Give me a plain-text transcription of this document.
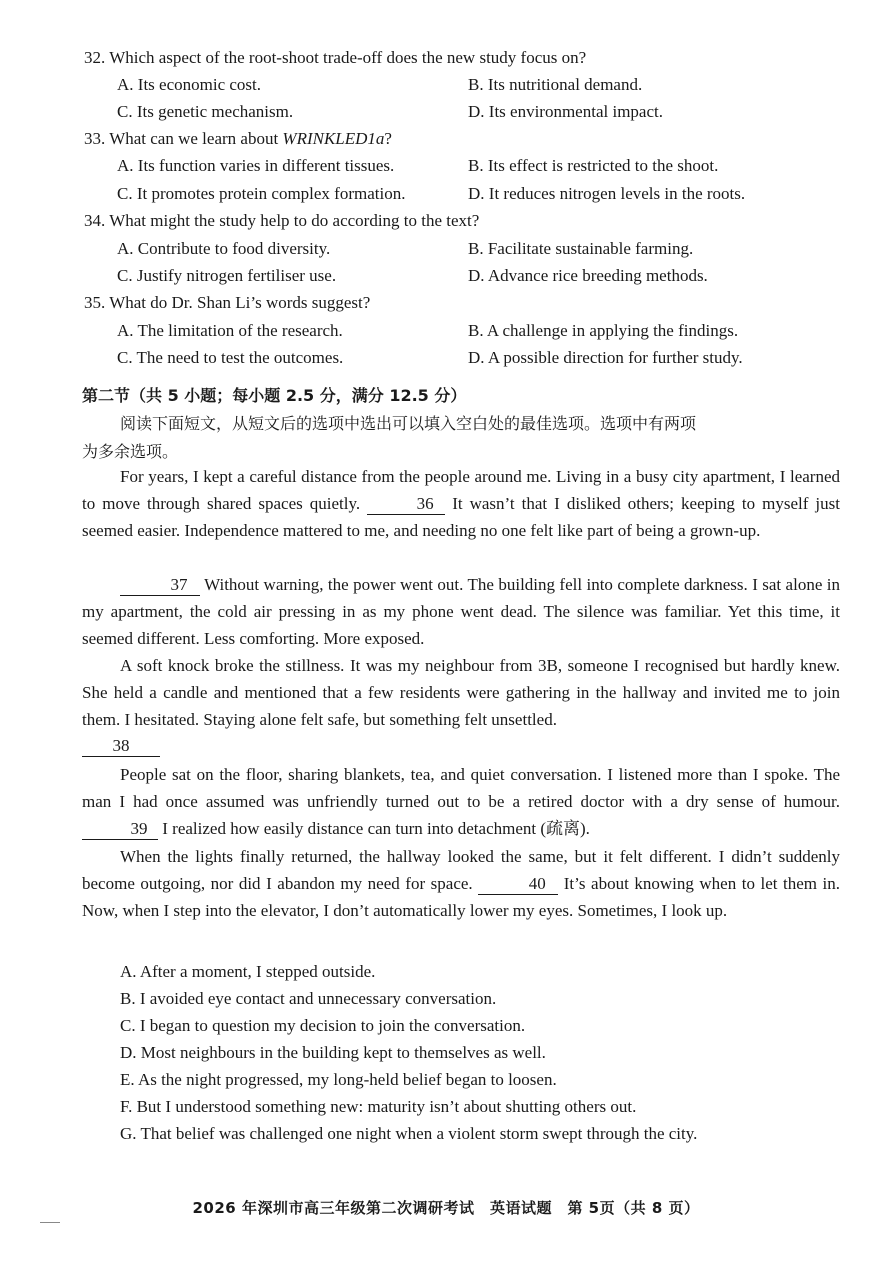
32. Which aspect of the root-shoot trade-off does the new study focus on?
A. Its economic cost.	B. Its nutritional demand.
C. Its genetic mechanism.	D. Its environmental impact.
33. What can we learn about WRINKLED1a?
A. Its function varies in different tissues.	B. Its effect is restricted to the shoot.
C. It promotes protein complex formation.	D. It reduces nitrogen levels in the roots.
34. What might the study help to do according to the text?
A. Contribute to food diversity.	B. Facilitate sustainable farming.
C. Justify nitrogen fertiliser use.	D. Advance rice breeding methods.
35. What do Dr. Shan Li’s words suggest?
A. The limitation of the research.	B. A challenge in applying the findings.
C. The need to test the outcomes.	D. A possible direction for further study.
第二节（共 5 小题；每小题 2.5 分，满分 12.5 分）
阅读下面短文，从短文后的选项中选出可以填入空白处的最佳选项。选项中有两项
为多余选项。
For years, I kept a careful distance from the people around me. Living in a busy city apartment, I learned to move through shared spaces quietly.	36 It wasn’t that I disliked others; keeping to myself just seemed easier. Independence mattered to me, and needing no one felt like part of being a grown-up.
37 Without warning, the power went out. The building fell into complete darkness. I sat alone in my apartment, the cold air pressing in as my phone went dead. The silence was familiar. Yet this time, it seemed different. Less comforting. More exposed.
A soft knock broke the stillness. It was my neighbour from 3B, someone I recognised but hardly knew. She held a candle and mentioned that a few residents were gathering in the hallway and invited me to join them. I hesitated. Staying alone felt safe, but something felt unsettled.
38
People sat on the floor, sharing blankets, tea, and quiet conversation. I listened more than I spoke. The man I had once assumed was unfriendly turned out to be a retired doctor with a dry sense of humour. 39 I realized how easily distance can turn into detachment (疏离).
When the lights finally returned, the hallway looked the same, but it felt different. I didn’t suddenly become outgoing, nor did I abandon my need for space.	40 It’s about knowing when to let them in. Now, when I step into the elevator, I don’t automatically lower my eyes. Sometimes, I look up.
A. After a moment, I stepped outside.
B. I avoided eye contact and unnecessary conversation.
C. I began to question my decision to join the conversation.
D. Most neighbours in the building kept to themselves as well.
E. As the night progressed, my long-held belief began to loosen.
F. But I understood something new: maturity isn’t about shutting others out.
G. That belief was challenged one night when a violent storm swept through the city.
2026 年深圳市高三年级第二次调研考试　英语试题　第 5页（共 8 页）
